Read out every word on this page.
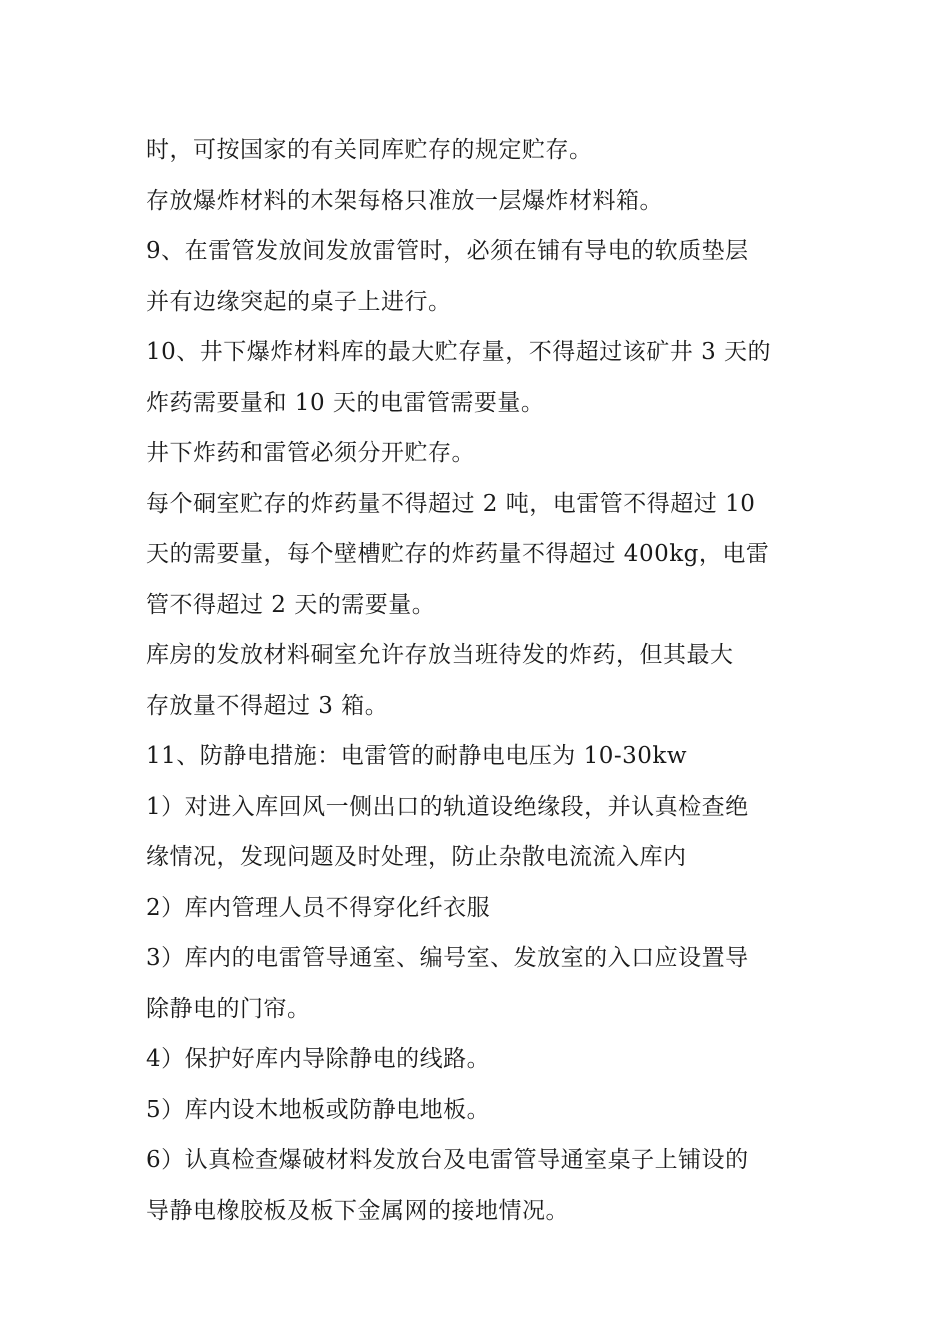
时，可按国家的有关同库贮存的规定贮存。
存放爆炸材料的木架每格只准放一层爆炸材料箱。
9、在雷管发放间发放雷管时，必须在铺有导电的软质垫层
并有边缘突起的桌子上进行。
10、井下爆炸材料库的最大贮存量，不得超过该矿井 3 天的
炸药需要量和 10 天的电雷管需要量。
井下炸药和雷管必须分开贮存。
每个硐室贮存的炸药量不得超过 2 吨，电雷管不得超过 10
天的需要量，每个壁槽贮存的炸药量不得超过 400kg，电雷
管不得超过 2 天的需要量。
库房的发放材料硐室允许存放当班待发的炸药，但其最大
存放量不得超过 3 箱。
11、防静电措施：电雷管的耐静电电压为 10-30kw
1）对进入库回风一侧出口的轨道设绝缘段，并认真检查绝
缘情况，发现问题及时处理，防止杂散电流流入库内
2）库内管理人员不得穿化纤衣服
3）库内的电雷管导通室、编号室、发放室的入口应设置导
除静电的门帘。
4）保护好库内导除静电的线路。
5）库内设木地板或防静电地板。
6）认真检查爆破材料发放台及电雷管导通室桌子上铺设的
导静电橡胶板及板下金属网的接地情况。
